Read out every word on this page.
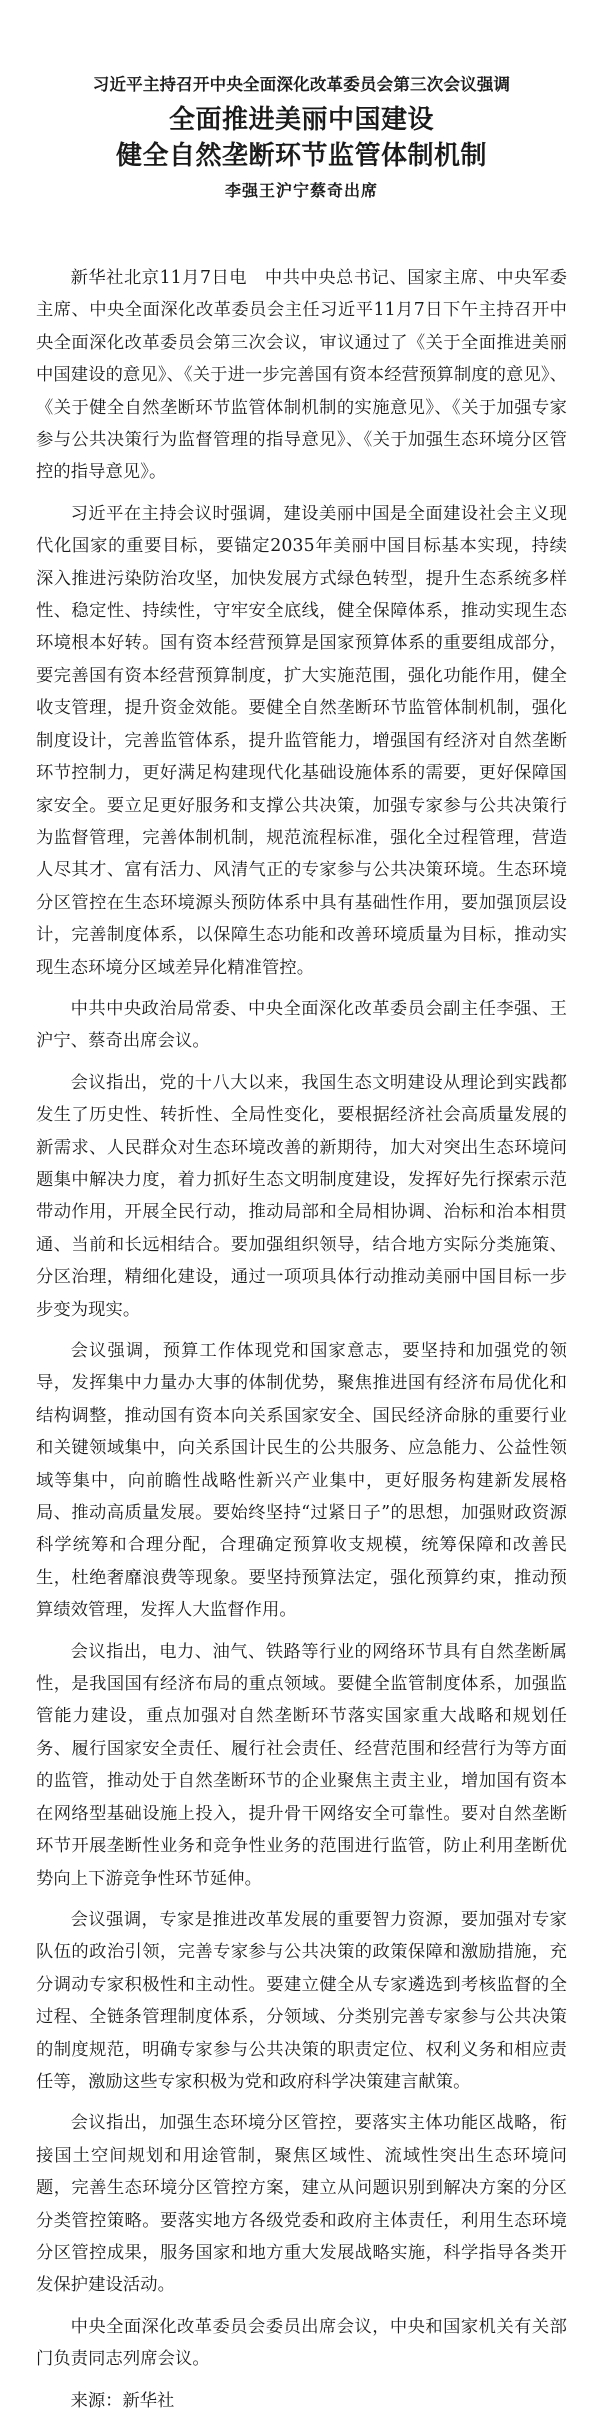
习近平主持召开中央全面深化改革委员会第三次会议强调

全面推进美丽中国建设
健全自然垄断环节监管体制机制

李强王沪宁蔡奇出席

新华社北京11月7日电　中共中央总书记、国家主席、中央军委主席、中央全面深化改革委员会主任习近平11月7日下午主持召开中央全面深化改革委员会第三次会议，审议通过了《关于全面推进美丽中国建设的意见》、《关于进一步完善国有资本经营预算制度的意见》、《关于健全自然垄断环节监管体制机制的实施意见》、《关于加强专家参与公共决策行为监督管理的指导意见》、《关于加强生态环境分区管控的指导意见》。

习近平在主持会议时强调，建设美丽中国是全面建设社会主义现代化国家的重要目标，要锚定2035年美丽中国目标基本实现，持续深入推进污染防治攻坚，加快发展方式绿色转型，提升生态系统多样性、稳定性、持续性，守牢安全底线，健全保障体系，推动实现生态环境根本好转。国有资本经营预算是国家预算体系的重要组成部分，要完善国有资本经营预算制度，扩大实施范围，强化功能作用，健全收支管理，提升资金效能。要健全自然垄断环节监管体制机制，强化制度设计，完善监管体系，提升监管能力，增强国有经济对自然垄断环节控制力，更好满足构建现代化基础设施体系的需要，更好保障国家安全。要立足更好服务和支撑公共决策，加强专家参与公共决策行为监督管理，完善体制机制，规范流程标准，强化全过程管理，营造人尽其才、富有活力、风清气正的专家参与公共决策环境。生态环境分区管控在生态环境源头预防体系中具有基础性作用，要加强顶层设计，完善制度体系，以保障生态功能和改善环境质量为目标，推动实现生态环境分区域差异化精准管控。

中共中央政治局常委、中央全面深化改革委员会副主任李强、王沪宁、蔡奇出席会议。

会议指出，党的十八大以来，我国生态文明建设从理论到实践都发生了历史性、转折性、全局性变化，要根据经济社会高质量发展的新需求、人民群众对生态环境改善的新期待，加大对突出生态环境问题集中解决力度，着力抓好生态文明制度建设，发挥好先行探索示范带动作用，开展全民行动，推动局部和全局相协调、治标和治本相贯通、当前和长远相结合。要加强组织领导，结合地方实际分类施策、分区治理，精细化建设，通过一项项具体行动推动美丽中国目标一步步变为现实。

会议强调，预算工作体现党和国家意志，要坚持和加强党的领导，发挥集中力量办大事的体制优势，聚焦推进国有经济布局优化和结构调整，推动国有资本向关系国家安全、国民经济命脉的重要行业和关键领域集中，向关系国计民生的公共服务、应急能力、公益性领域等集中，向前瞻性战略性新兴产业集中，更好服务构建新发展格局、推动高质量发展。要始终坚持“过紧日子”的思想，加强财政资源科学统筹和合理分配，合理确定预算收支规模，统筹保障和改善民生，杜绝奢靡浪费等现象。要坚持预算法定，强化预算约束，推动预算绩效管理，发挥人大监督作用。

会议指出，电力、油气、铁路等行业的网络环节具有自然垄断属性，是我国国有经济布局的重点领域。要健全监管制度体系，加强监管能力建设，重点加强对自然垄断环节落实国家重大战略和规划任务、履行国家安全责任、履行社会责任、经营范围和经营行为等方面的监管，推动处于自然垄断环节的企业聚焦主责主业，增加国有资本在网络型基础设施上投入，提升骨干网络安全可靠性。要对自然垄断环节开展垄断性业务和竞争性业务的范围进行监管，防止利用垄断优势向上下游竞争性环节延伸。

会议强调，专家是推进改革发展的重要智力资源，要加强对专家队伍的政治引领，完善专家参与公共决策的政策保障和激励措施，充分调动专家积极性和主动性。要建立健全从专家遴选到考核监督的全过程、全链条管理制度体系，分领域、分类别完善专家参与公共决策的制度规范，明确专家参与公共决策的职责定位、权利义务和相应责任等，激励这些专家积极为党和政府科学决策建言献策。

会议指出，加强生态环境分区管控，要落实主体功能区战略，衔接国土空间规划和用途管制，聚焦区域性、流域性突出生态环境问题，完善生态环境分区管控方案，建立从问题识别到解决方案的分区分类管控策略。要落实地方各级党委和政府主体责任，利用生态环境分区管控成果，服务国家和地方重大发展战略实施，科学指导各类开发保护建设活动。

中央全面深化改革委员会委员出席会议，中央和国家机关有关部门负责同志列席会议。

来源：新华社
